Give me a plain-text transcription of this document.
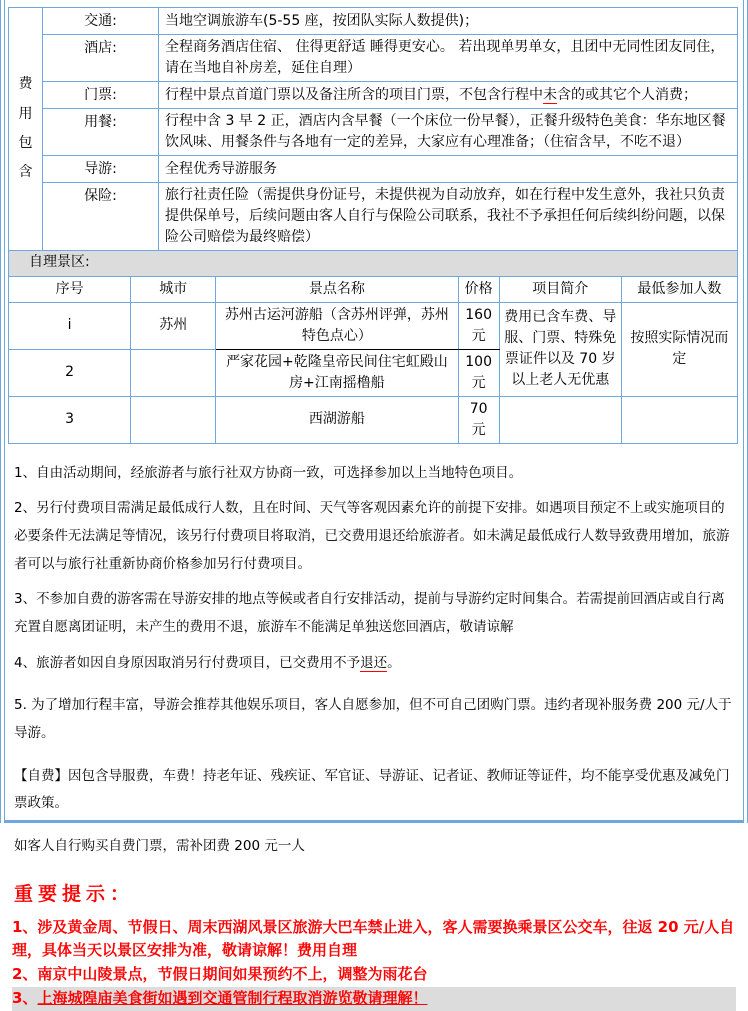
费用包含	交通:	当地空调旅游车(5-55 座，按团队实际人数提供)；
	酒店:	全程商务酒店住宿、 住得更舒适 睡得更安心。 若出现单男单女，且团中无同性团友同住，请在当地自补房差，延住自理）
	门票:	行程中景点首道门票以及备注所含的项目门票，不包含行程中未含的或其它个人消费；
	用餐:	行程中含 3 早 2 正，酒店内含早餐（一个床位一份早餐），正餐升级特色美食：华东地区餐饮风味、用餐条件与各地有一定的差异，大家应有心理准备；（住宿含早，不吃不退）
	导游:	全程优秀导游服务
	保险:	旅行社责任险（需提供身份证号，未提供视为自动放弃，如在行程中发生意外，我社只负责提供保单号，后续问题由客人自行与保险公司联系，我社不予承担任何后续纠纷问题，以保险公司赔偿为最终赔偿）
自理景区:
序号	城市	景点名称	价格	项目简介	最低参加人数
i	苏州	苏州古运河游船（含苏州评弹，苏州特色点心）	160 元	费用已含车费、导服、门票、特殊免票证件以及 70 岁以上老人无优惠	按照实际情况而定
2		严家花园+乾隆皇帝民间住宅虹殿山房+江南摇橹船	100 元		
3		西湖游船	70 元		

1、自由活动期间，经旅游者与旅行社双方协商一致，可选择参加以上当地特色项目。

2、另行付费项目需满足最低成行人数，且在时间、天气等客观因素允许的前提下安排。如遇项目预定不上或实施项目的必要条件无法满足等情况，该另行付费项目将取消，已交费用退还给旅游者。如未满足最低成行人数导致费用增加，旅游者可以与旅行社重新协商价格参加另行付费项目。

3、不参加自费的游客需在导游安排的地点等候或者自行安排活动，提前与导游约定时间集合。若需提前回酒店或自行离充置自愿离团证明，未产生的费用不退，旅游车不能满足单独送您回酒店，敬请谅解

4、旅游者如因自身原因取消另行付费项目，已交费用不予退还。

5. 为了增加行程丰富，导游会推荐其他娱乐项目，客人自愿参加，但不可自己团购门票。违约者现补服务费 200 元/人于导游。

【自费】因包含导服费，车费！持老年证、残疾证、军官证、导游证、记者证、教师证等证件，均不能享受优惠及减免门票政策。

如客人自行购买自费门票，需补团费 200 元一人

重要提示：

1、涉及黄金周、节假日、周末西湖风景区旅游大巴车禁止进入，客人需要换乘景区公交车，往返 20 元/人自理，具体当天以景区安排为准，敬请谅解！费用自理

2、南京中山陵景点，节假日期间如果预约不上，调整为雨花台

3、上海城隍庙美食街如遇到交通管制行程取消游览敬请理解！
